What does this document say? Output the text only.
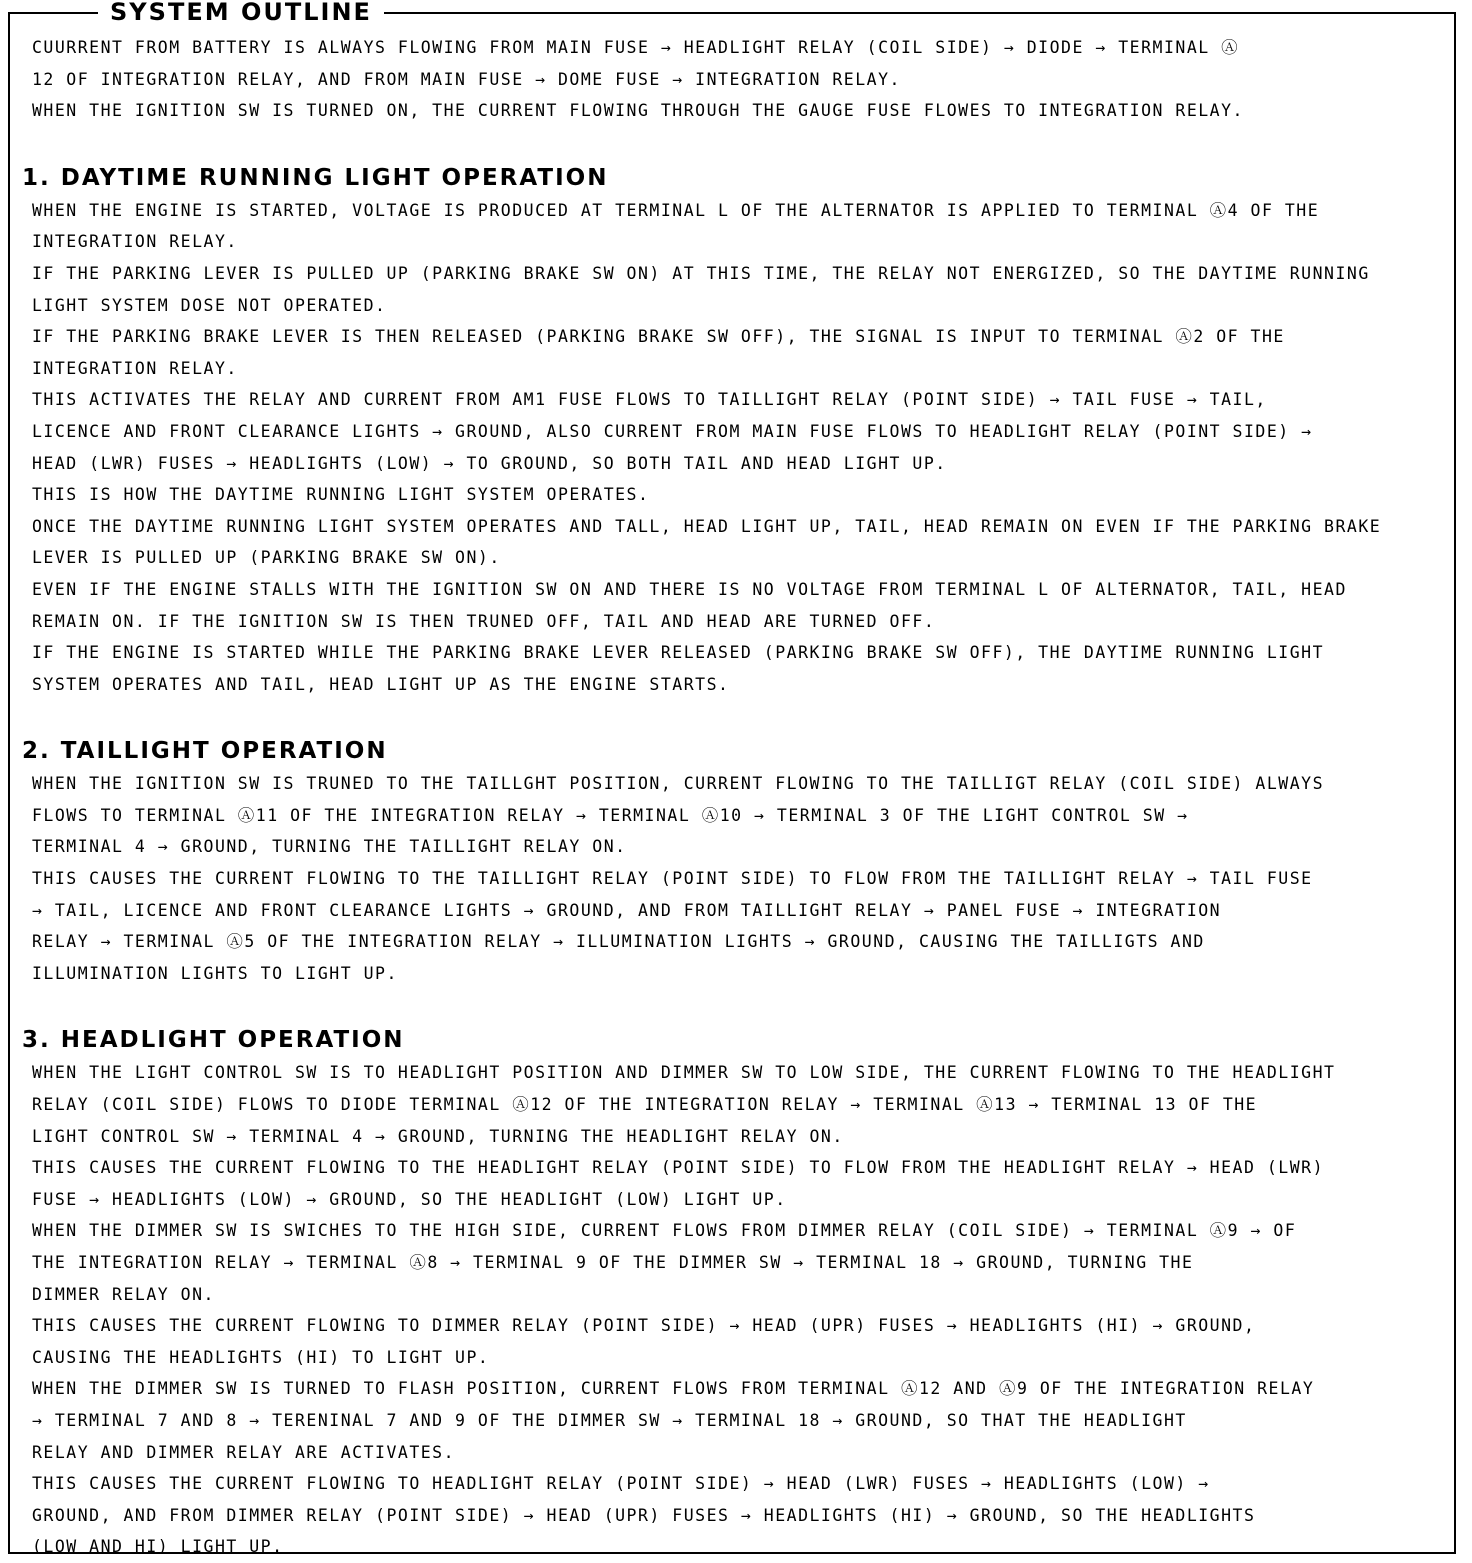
SYSTEM OUTLINE

CUURRENT FROM BATTERY IS ALWAYS FLOWING FROM MAIN FUSE → HEADLIGHT RELAY (COIL SIDE) → DIODE → TERMINAL Ⓐ
12 OF INTEGRATION RELAY, AND FROM MAIN FUSE → DOME FUSE → INTEGRATION RELAY.

WHEN THE IGNITION SW IS TURNED ON, THE CURRENT FLOWING THROUGH THE GAUGE FUSE FLOWES TO INTEGRATION RELAY.

1. DAYTIME RUNNING LIGHT OPERATION

WHEN THE ENGINE IS STARTED, VOLTAGE IS PRODUCED AT TERMINAL L OF THE ALTERNATOR IS APPLIED TO TERMINAL Ⓐ4 OF THE
INTEGRATION RELAY.

IF THE PARKING LEVER IS PULLED UP (PARKING BRAKE SW ON) AT THIS TIME, THE RELAY NOT ENERGIZED, SO THE DAYTIME RUNNING
LIGHT SYSTEM DOSE NOT OPERATED.

IF THE PARKING BRAKE LEVER IS THEN RELEASED (PARKING BRAKE SW OFF), THE SIGNAL IS INPUT TO TERMINAL Ⓐ2 OF THE
INTEGRATION RELAY.

THIS ACTIVATES THE RELAY AND CURRENT FROM AM1 FUSE FLOWS TO TAILLIGHT RELAY (POINT SIDE) → TAIL FUSE → TAIL,
LICENCE AND FRONT CLEARANCE LIGHTS → GROUND, ALSO CURRENT FROM MAIN FUSE FLOWS TO HEADLIGHT RELAY (POINT SIDE) →
HEAD (LWR) FUSES → HEADLIGHTS (LOW) → TO GROUND, SO BOTH TAIL AND HEAD LIGHT UP.

THIS IS HOW THE DAYTIME RUNNING LIGHT SYSTEM OPERATES.

ONCE THE DAYTIME RUNNING LIGHT SYSTEM OPERATES AND TALL, HEAD LIGHT UP, TAIL, HEAD REMAIN ON EVEN IF THE PARKING BRAKE
LEVER IS PULLED UP (PARKING BRAKE SW ON).

EVEN IF THE ENGINE STALLS WITH THE IGNITION SW ON AND THERE IS NO VOLTAGE FROM TERMINAL L OF ALTERNATOR, TAIL, HEAD
REMAIN ON. IF THE IGNITION SW IS THEN TRUNED OFF, TAIL AND HEAD ARE TURNED OFF.

IF THE ENGINE IS STARTED WHILE THE PARKING BRAKE LEVER RELEASED (PARKING BRAKE SW OFF), THE DAYTIME RUNNING LIGHT
SYSTEM OPERATES AND TAIL, HEAD LIGHT UP AS THE ENGINE STARTS.

2. TAILLIGHT OPERATION

WHEN THE IGNITION SW IS TRUNED TO THE TAILLGHT POSITION, CURRENT FLOWING TO THE TAILLIGT RELAY (COIL SIDE) ALWAYS
FLOWS TO TERMINAL Ⓐ11 OF THE INTEGRATION RELAY → TERMINAL Ⓐ10 → TERMINAL 3 OF THE LIGHT CONTROL SW →
TERMINAL 4 → GROUND, TURNING THE TAILLIGHT RELAY ON.

THIS CAUSES THE CURRENT FLOWING TO THE TAILLIGHT RELAY (POINT SIDE) TO FLOW FROM THE TAILLIGHT RELAY → TAIL FUSE
→ TAIL, LICENCE AND FRONT CLEARANCE LIGHTS → GROUND, AND FROM TAILLIGHT RELAY → PANEL FUSE → INTEGRATION
RELAY → TERMINAL Ⓐ5 OF THE INTEGRATION RELAY → ILLUMINATION LIGHTS → GROUND, CAUSING THE TAILLIGTS AND
ILLUMINATION LIGHTS TO LIGHT UP.

3. HEADLIGHT OPERATION

WHEN THE LIGHT CONTROL SW IS TO HEADLIGHT POSITION AND DIMMER SW TO LOW SIDE, THE CURRENT FLOWING TO THE HEADLIGHT
RELAY (COIL SIDE) FLOWS TO DIODE TERMINAL Ⓐ12 OF THE INTEGRATION RELAY → TERMINAL Ⓐ13 → TERMINAL 13 OF THE
LIGHT CONTROL SW → TERMINAL 4 → GROUND, TURNING THE HEADLIGHT RELAY ON.

THIS CAUSES THE CURRENT FLOWING TO THE HEADLIGHT RELAY (POINT SIDE) TO FLOW FROM THE HEADLIGHT RELAY → HEAD (LWR)
FUSE → HEADLIGHTS (LOW) → GROUND, SO THE HEADLIGHT (LOW) LIGHT UP.

WHEN THE DIMMER SW IS SWICHES TO THE HIGH SIDE, CURRENT FLOWS FROM DIMMER RELAY (COIL SIDE) → TERMINAL Ⓐ9 → OF
THE INTEGRATION RELAY → TERMINAL Ⓐ8 → TERMINAL 9 OF THE DIMMER SW → TERMINAL 18 → GROUND, TURNING THE
DIMMER RELAY ON.

THIS CAUSES THE CURRENT FLOWING TO DIMMER RELAY (POINT SIDE) → HEAD (UPR) FUSES → HEADLIGHTS (HI) → GROUND,
CAUSING THE HEADLIGHTS (HI) TO LIGHT UP.

WHEN THE DIMMER SW IS TURNED TO FLASH POSITION, CURRENT FLOWS FROM TERMINAL Ⓐ12 AND Ⓐ9 OF THE INTEGRATION RELAY
→ TERMINAL 7 AND 8 → TERENINAL 7 AND 9 OF THE DIMMER SW → TERMINAL 18 → GROUND, SO THAT THE HEADLIGHT
RELAY AND DIMMER RELAY ARE ACTIVATES.

THIS CAUSES THE CURRENT FLOWING TO HEADLIGHT RELAY (POINT SIDE) → HEAD (LWR) FUSES → HEADLIGHTS (LOW) →
GROUND, AND FROM DIMMER RELAY (POINT SIDE) → HEAD (UPR) FUSES → HEADLIGHTS (HI) → GROUND, SO THE HEADLIGHTS
(LOW AND HI) LIGHT UP.
